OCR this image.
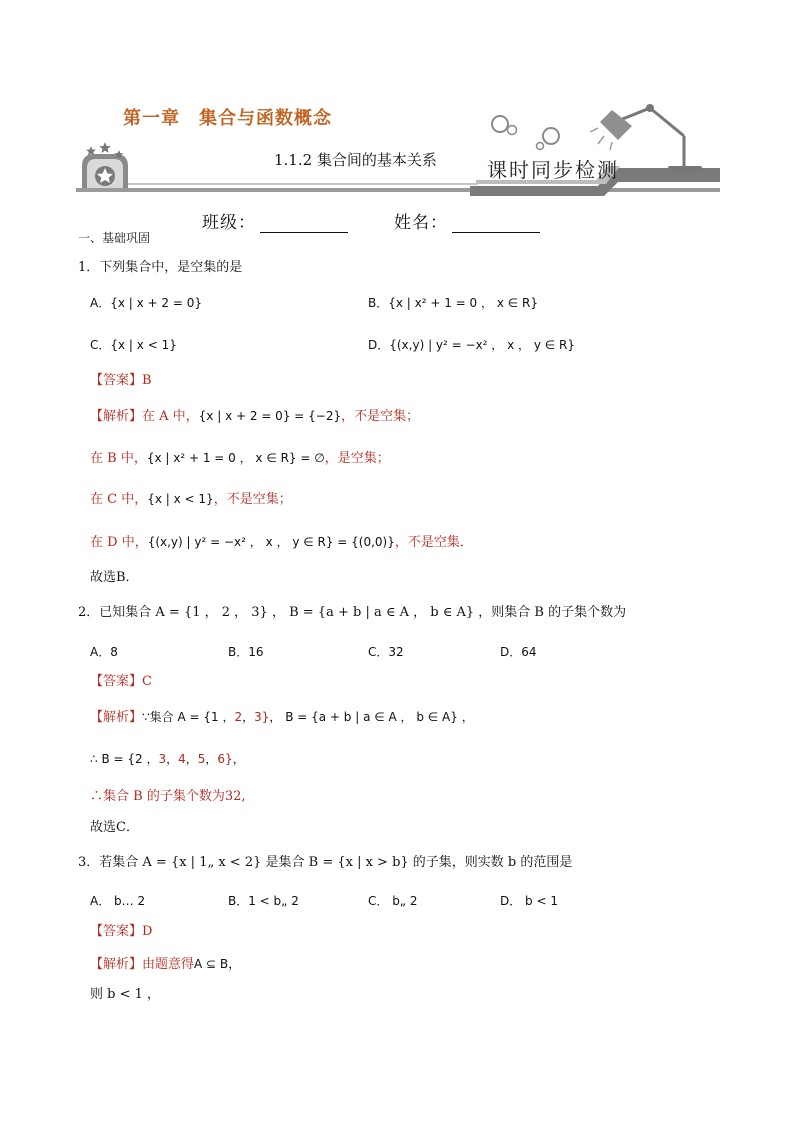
第一章　集合与函数概念
1.1.2 集合间的基本关系	课时同步检测
班级：	姓名：
一、基础巩固
1．下列集合中，是空集的是
A．{x | x + 2 = 0}	B．{x | x² + 1 = 0 ， x ∈ R}
C．{x | x < 1}	D．{(x,y) | y² = −x² ， x ， y ∈ R}
【答案】B
【解析】在 A 中，{x | x + 2 = 0} = {−2}，不是空集；
在 B 中，{x | x² + 1 = 0 ， x ∈ R} = ∅，是空集；
在 C 中，{x | x < 1}，不是空集；
在 D 中，{(x,y) | y² = −x² ， x ， y ∈ R} = {(0,0)}，不是空集．
故选B．
2．已知集合 A = {1 ， 2 ， 3} ， B = {a + b | a ∈ A ， b ∈ A} ，则集合 B 的子集个数为
A．8	B．16	C．32	D．64
【答案】C
【解析】∵集合 A = {1 ，2，3}， B = {a + b | a ∈ A ， b ∈ A} ，
∴ B = {2 ，3，4，5，6}，
∴集合 B 的子集个数为32,
故选C．
3．若集合 A = {x | 1„ x < 2} 是集合 B = {x | x > b} 的子集，则实数 b 的范围是
A． b… 2	B．1 < b„ 2	C． b„ 2	D． b < 1
【答案】D
【解析】由题意得A ⊆ B，
则 b < 1 ，
